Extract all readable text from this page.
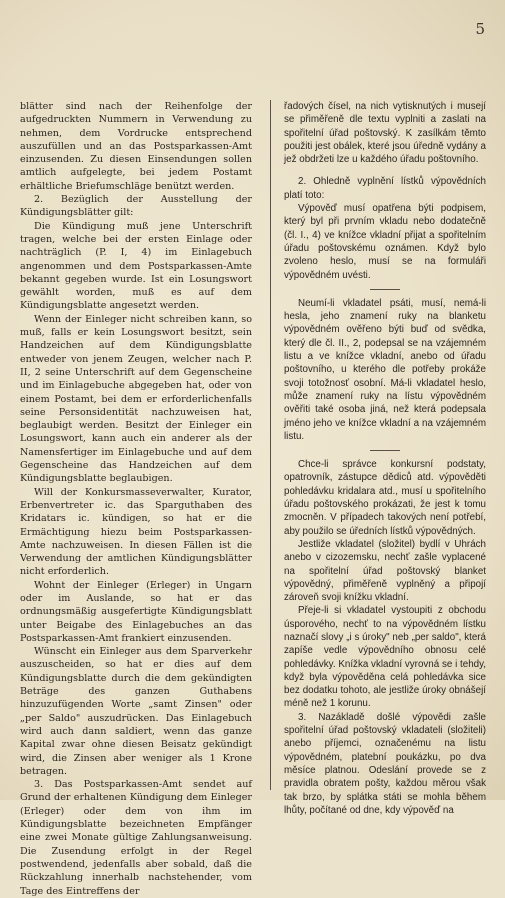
5

blätter sind nach der Reihenfolge der aufgedruckten Nummern in Verwendung zu nehmen, dem Vordrucke entsprechend auszufüllen und an das Postsparkassen-Amt einzusenden. Zu diesen Einsendungen sollen amtlich aufgelegte, bei jedem Postamt erhältliche Briefumschläge benützt werden.

2. Bezüglich der Ausstellung der Kündigungsblätter gilt:

Die Kündigung muß jene Unterschrift tragen, welche bei der ersten Einlage oder nachträglich (P. I, 4) im Einlagebuch angenommen und dem Postsparkassen-Amte bekannt gegeben wurde. Ist ein Losungswort gewählt worden, muß es auf dem Kündigungsblatte angesetzt werden.

Wenn der Einleger nicht schreiben kann, so muß, falls er kein Losungswort besitzt, sein Handzeichen auf dem Kündigungsblatte entweder von jenem Zeugen, welcher nach P. II, 2 seine Unterschrift auf dem Gegenscheine und im Einlagebuche abgegeben hat, oder von einem Postamt, bei dem er erforderlichenfalls seine Personsidentität nachzuweisen hat, beglaubigt werden. Besitzt der Einleger ein Losungswort, kann auch ein anderer als der Namensfertiger im Einlagebuche und auf dem Gegenscheine das Handzeichen auf dem Kündigungsblatte beglaubigen.

Will der Konkursmasseverwalter, Kurator, Erbenvertreter ic. das Sparguthaben des Kridatars ic. kündigen, so hat er die Ermächtigung hiezu beim Postsparkassen-Amte nachzuweisen. In diesen Fällen ist die Verwendung der amtlichen Kündigungsblätter nicht erforderlich.

Wohnt der Einleger (Erleger) in Ungarn oder im Auslande, so hat er das ordnungsmäßig ausgefertigte Kündigungsblatt unter Beigabe des Einlagebuches an das Postsparkassen-Amt frankiert einzusenden.

Wünscht ein Einleger aus dem Sparverkehr auszuscheiden, so hat er dies auf dem Kündigungsblatte durch die dem gekündigten Beträge des ganzen Guthabens hinzuzufügenden Worte „samt Zinsen" oder „per Saldo" auszudrücken. Das Einlagebuch wird auch dann saldiert, wenn das ganze Kapital zwar ohne diesen Beisatz gekündigt wird, die Zinsen aber weniger als 1 Krone betragen.

3. Das Postsparkassen-Amt sendet auf Grund der erhaltenen Kündigung dem Einleger (Erleger) oder dem von ihm im Kündigungsblatte bezeichneten Empfänger eine zwei Monate gültige Zahlungsanweisung. Die Zusendung erfolgt in der Regel postwendend, jedenfalls aber sobald, daß die Rückzahlung innerhalb nachstehender, vom Tage des Eintreffens der

řadových čísel, na nich vytisknutých i musejí se přiměřeně dle textu vyplniti a zaslati na spořitelní úřad poštovský. K zasílkám těmto použiti jest obálek, které jsou úředně vydány a jež obdržeti lze u každého úřadu poštovního.

2. Ohledně vyplnění lístků výpovědních platí toto:

Výpověď musí opatřena býti podpisem, který byl při prvním vkladu nebo dodatečně (čl. I., 4) ve knížce vkladní přijat a spořitelním úřadu poštovskému oznámen. Když bylo zvoleno heslo, musí se na formuláři výpovědném uvésti.

Neumí-li vkladatel psáti, musí, nemá-li hesla, jeho znamení ruky na blanketu výpovědném ověřeno býti buď od svědka, který dle čl. II., 2, podepsal se na vzájemném listu a ve knížce vkladní, anebo od úřadu poštovního, u kterého dle potřeby prokáže svoji totožnosť osobní. Má-li vkladatel heslo, může znamení ruky na lístu výpovědném ověřiti také osoba jiná, než která podepsala jméno jeho ve knížce vkladní a na vzájemném listu.

Chce-li správce konkursní podstaty, opatrovník, zástupce dědiců atd. výpověděti pohledávku kridalara atd., musí u spořitelního úřadu poštovského prokázati, že jest k tomu zmocněn. V případech takových není potřebí, aby použilo se úředních lístků výpovědných.

Jestliže vkladatel (složitel) bydlí v Uhrách anebo v cizozemsku, nechť zašle vyplacené na spořitelní úřad poštovský blanket výpovědný, přiměřeně vyplněný a připojí zároveň svoji knížku vkladní.

Přeje-li si vkladatel vystoupiti z obchodu úsporového, nechť to na výpovědném lístku naznačí slovy „i s úroky" neb „per saldo", která zapíše vedle výpovědního obnosu celé pohledávky. Knížka vkladní vyrovná se i tehdy, když byla výpověděna celá pohledávka sice bez dodatku tohoto, ale jestliže úroky obnášejí méně než 1 korunu.

3. Nazákladě došlé výpovědi zašle spořitelní úřad poštovský vkladateli (složiteli) anebo příjemci, označenému na listu výpovědném, platební poukázku, po dva měsíce platnou. Odeslání provede se z pravidla obratem pošty, každou měrou však tak brzo, by splátka státi se mohla během lhůty, počítané od dne, kdy výpověď na
